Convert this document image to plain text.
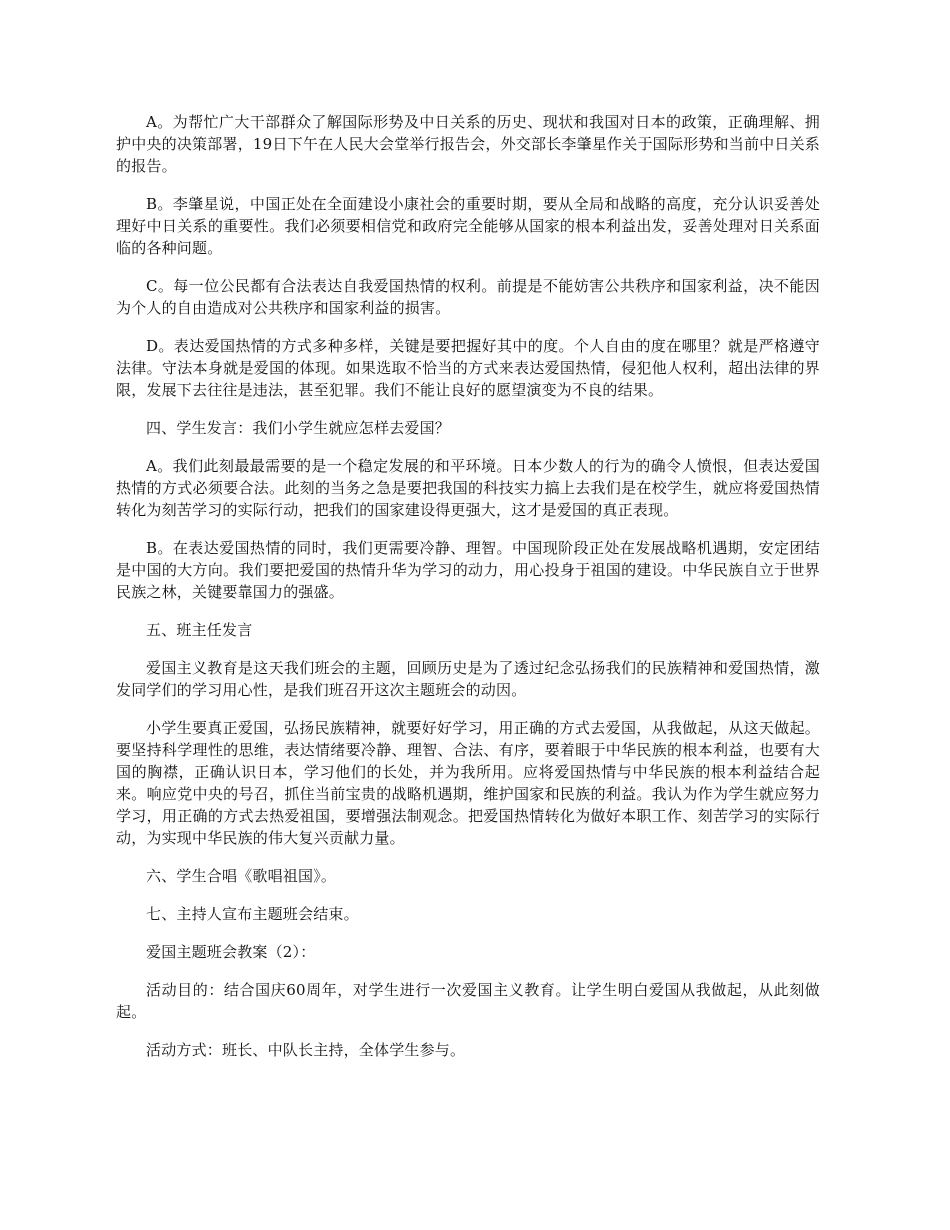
A。为帮忙广大干部群众了解国际形势及中日关系的历史、现状和我国对日本的政策，正确理解、拥护中央的决策部署，19日下午在人民大会堂举行报告会，外交部长李肇星作关于国际形势和当前中日关系的报告。

B。李肇星说，中国正处在全面建设小康社会的重要时期，要从全局和战略的高度，充分认识妥善处理好中日关系的重要性。我们必须要相信党和政府完全能够从国家的根本利益出发，妥善处理对日关系面临的各种问题。

C。每一位公民都有合法表达自我爱国热情的权利。前提是不能妨害公共秩序和国家利益，决不能因为个人的自由造成对公共秩序和国家利益的损害。

D。表达爱国热情的方式多种多样，关键是要把握好其中的度。个人自由的度在哪里？就是严格遵守法律。守法本身就是爱国的体现。如果选取不恰当的方式来表达爱国热情，侵犯他人权利，超出法律的界限，发展下去往往是违法，甚至犯罪。我们不能让良好的愿望演变为不良的结果。

四、学生发言：我们小学生就应怎样去爱国？

A。我们此刻最最需要的是一个稳定发展的和平环境。日本少数人的行为的确令人愤恨，但表达爱国热情的方式必须要合法。此刻的当务之急是要把我国的科技实力搞上去我们是在校学生，就应将爱国热情转化为刻苦学习的实际行动，把我们的国家建设得更强大，这才是爱国的真正表现。

B。在表达爱国热情的同时，我们更需要冷静、理智。中国现阶段正处在发展战略机遇期，安定团结是中国的大方向。我们要把爱国的热情升华为学习的动力，用心投身于祖国的建设。中华民族自立于世界民族之林，关键要靠国力的强盛。

五、班主任发言

爱国主义教育是这天我们班会的主题，回顾历史是为了透过纪念弘扬我们的民族精神和爱国热情，激发同学们的学习用心性，是我们班召开这次主题班会的动因。

小学生要真正爱国，弘扬民族精神，就要好好学习，用正确的方式去爱国，从我做起，从这天做起。要坚持科学理性的思维，表达情绪要冷静、理智、合法、有序，要着眼于中华民族的根本利益，也要有大国的胸襟，正确认识日本，学习他们的长处，并为我所用。应将爱国热情与中华民族的根本利益结合起来。响应党中央的号召，抓住当前宝贵的战略机遇期，维护国家和民族的利益。我认为作为学生就应努力学习，用正确的方式去热爱祖国，要增强法制观念。把爱国热情转化为做好本职工作、刻苦学习的实际行动，为实现中华民族的伟大复兴贡献力量。

六、学生合唱《歌唱祖国》。

七、主持人宣布主题班会结束。

爱国主题班会教案（2）：

活动目的：结合国庆60周年，对学生进行一次爱国主义教育。让学生明白爱国从我做起，从此刻做起。

活动方式：班长、中队长主持，全体学生参与。
